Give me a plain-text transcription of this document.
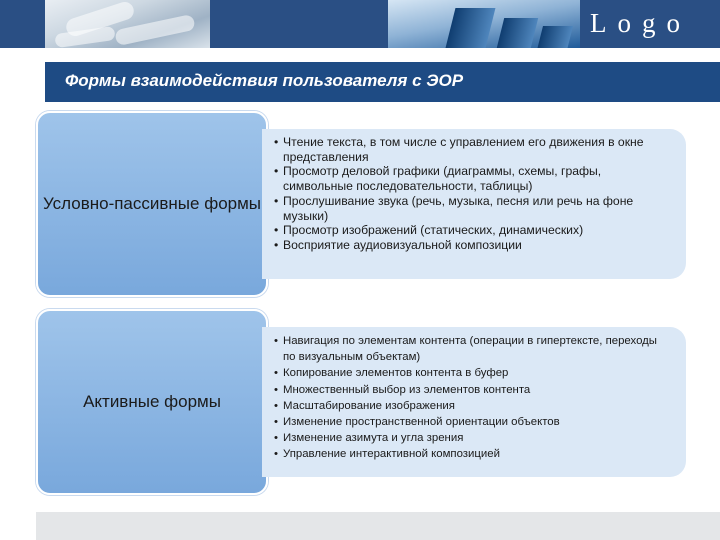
Logo
Формы взаимодействия пользователя с ЭОР
Условно-пассивные формы
• Чтение текста, в том числе с управлением его движения в окне представления
• Просмотр деловой графики (диаграммы, схемы, графы, символьные последовательности, таблицы)
• Прослушивание звука (речь, музыка, песня или речь на фоне музыки)
• Просмотр изображений (статических, динамических)
• Восприятие аудиовизуальной композиции
Активные формы
• Навигация по элементам контента (операции в гипертексте, переходы по визуальным объектам)
• Копирование элементов контента в буфер
• Множественный выбор из элементов контента
• Масштабирование изображения
• Изменение пространственной ориентации объектов
• Изменение азимута и угла зрения
• Управление интерактивной композицией
